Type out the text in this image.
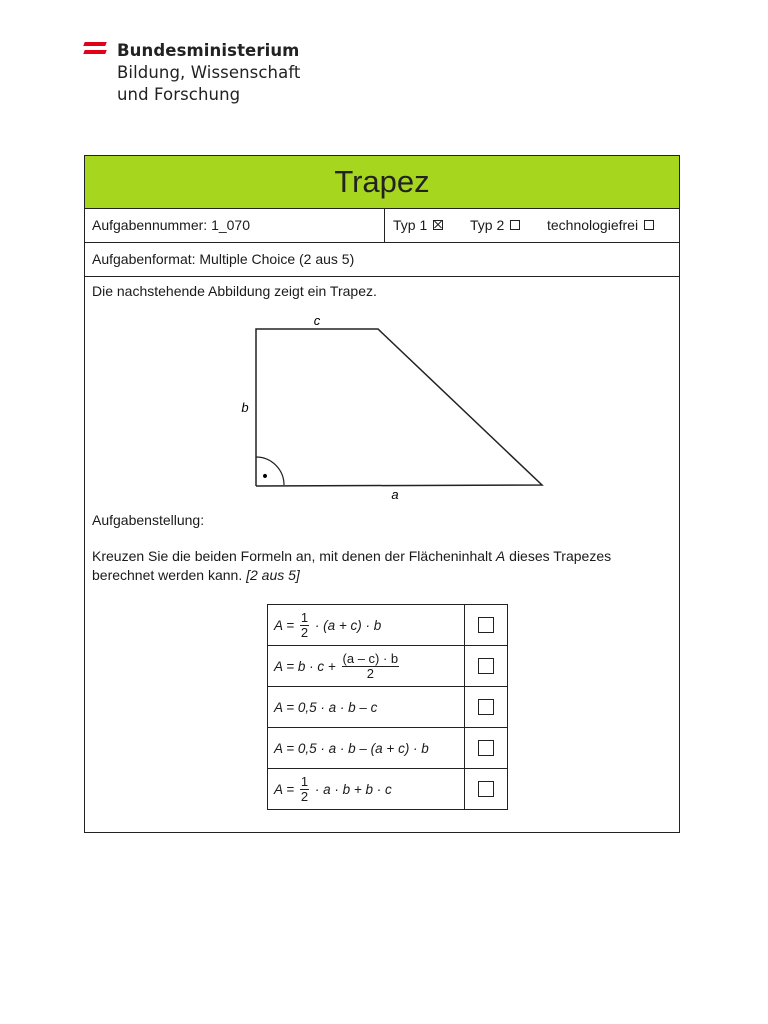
Bundesministerium
Bildung, Wissenschaft
und Forschung
Trapez
Aufgabennummer: 1_070	Typ 1	Typ 2	technologiefrei
Aufgabenformat: Multiple Choice (2 aus 5)
Die nachstehende Abbildung zeigt ein Trapez.
•
c
b
a
Aufgabenstellung:
Kreuzen Sie die beiden Formeln an, mit denen der Flächeninhalt A dieses Trapezes berechnet werden kann. [2 aus 5]
$A = \frac{1}{2} \cdot (a + c) \cdot b$	
$A = b \cdot c + \frac{(a - c) \cdot b}{2}$

A = 0,5 · a · b – c	
A = 0,5 · a · b – (a + c) · b	
$A = \frac{1}{2} \cdot a \cdot b + b \cdot c$	
